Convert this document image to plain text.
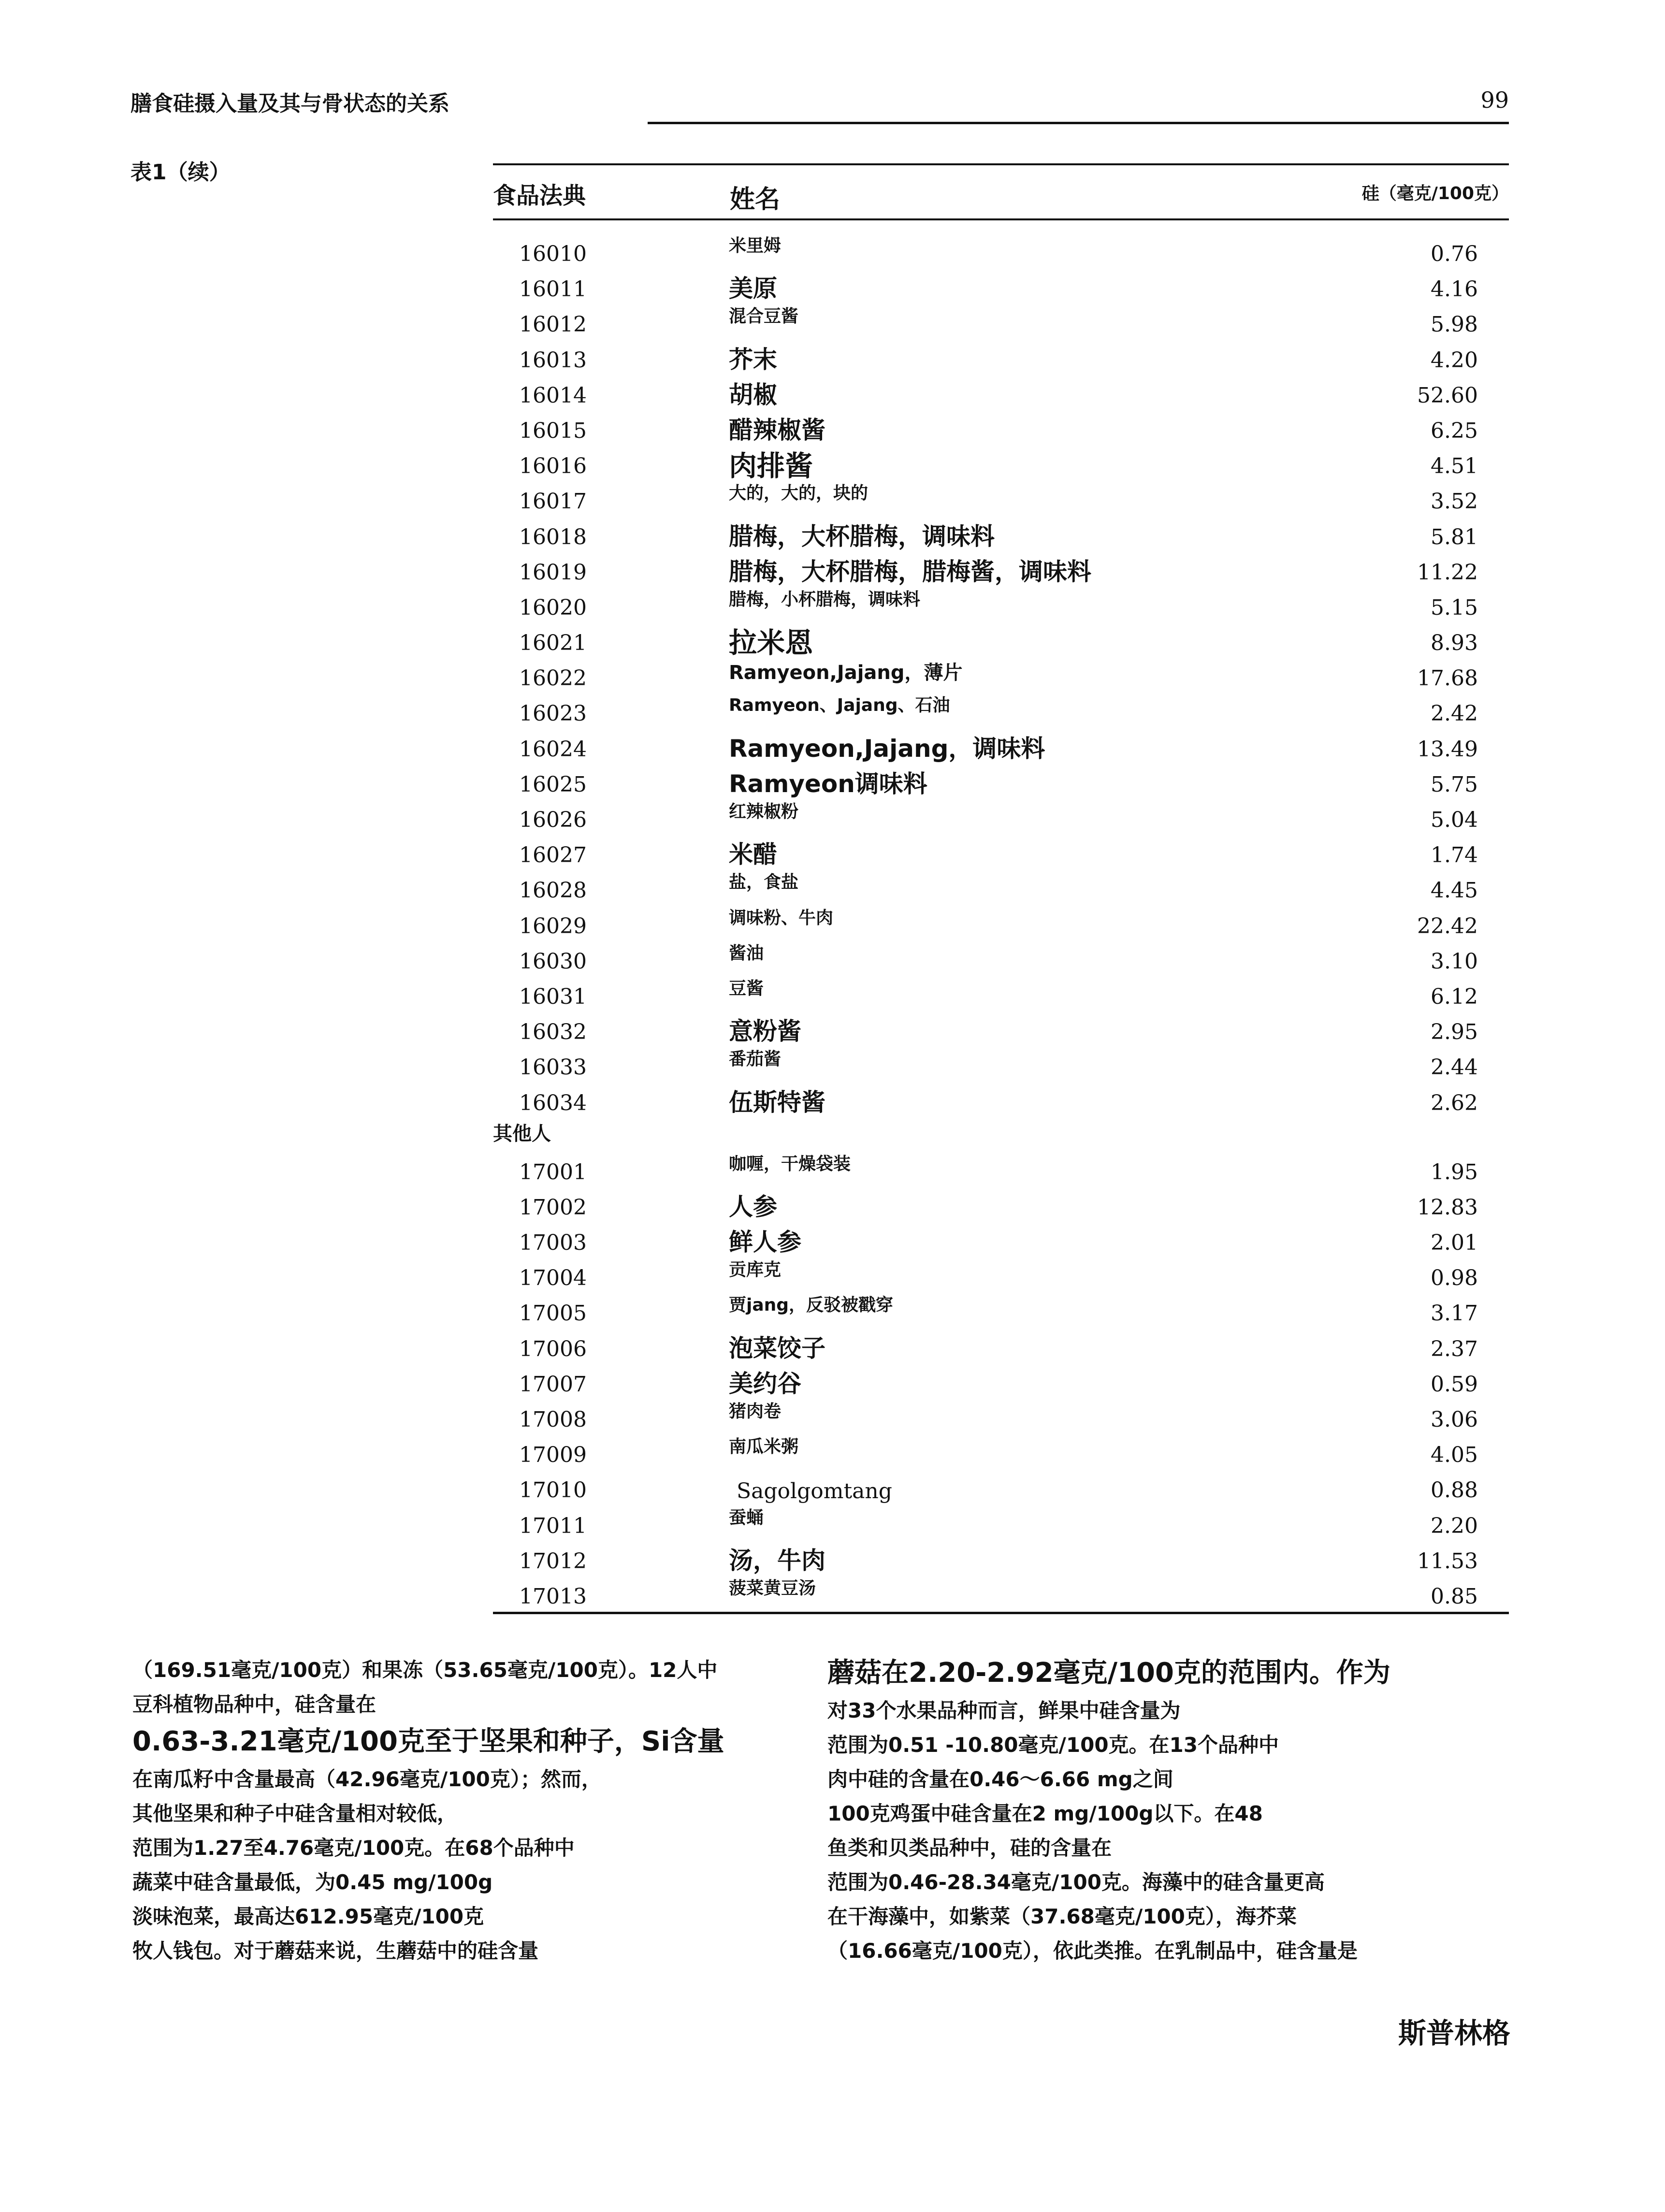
膳食硅摄入量及其与骨状态的关系	99
表1（续）
食品法典	姓名	硅（毫克/100克）
16010	米里姆	0.76
16011	美原	4.16
16012	混合豆酱	5.98
16013	芥末	4.20
16014	胡椒	52.60
16015	醋辣椒酱	6.25
16016	肉排酱	4.51
16017	大的，大的，块的	3.52
16018	腊梅，大杯腊梅，调味料	5.81
16019	腊梅，大杯腊梅，腊梅酱，调味料	11.22
16020	腊梅，小杯腊梅，调味料	5.15
16021	拉米恩	8.93
16022	Ramyeon,Jajang，薄片	17.68
16023	Ramyeon、Jajang、石油	2.42
16024	Ramyeon,Jajang，调味料	13.49
16025	Ramyeon调味料	5.75
16026	红辣椒粉	5.04
16027	米醋	1.74
16028	盐，食盐	4.45
16029	调味粉、牛肉	22.42
16030	酱油	3.10
16031	豆酱	6.12
16032	意粉酱	2.95
16033	番茄酱	2.44
16034	伍斯特酱	2.62
其他人
17001	咖喱，干燥袋装	1.95
17002	人参	12.83
17003	鲜人参	2.01
17004	贡库克	0.98
17005	贾jang，反驳被戳穿	3.17
17006	泡菜饺子	2.37
17007	美约谷	0.59
17008	猪肉卷	3.06
17009	南瓜米粥	4.05
17010	Sagolgomtang	0.88
17011	蚕蛹	2.20
17012	汤，牛肉	11.53
17013	菠菜黄豆汤	0.85
（169.51毫克/100克）和果冻（53.65毫克/100克）。12人中
豆科植物品种中，硅含量在
0.63-3.21毫克/100克至于坚果和种子，Si含量
在南瓜籽中含量最高（42.96毫克/100克）；然而，
其他坚果和种子中硅含量相对较低，
范围为1.27至4.76毫克/100克。在68个品种中
蔬菜中硅含量最低，为0.45 mg/100g
淡味泡菜，最高达612.95毫克/100克
牧人钱包。对于蘑菇来说，生蘑菇中的硅含量
蘑菇在2.20-2.92毫克/100克的范围内。作为
对33个水果品种而言，鲜果中硅含量为
范围为0.51 -10.80毫克/100克。在13个品种中
肉中硅的含量在0.46～6.66 mg之间
100克鸡蛋中硅含量在2 mg/100g以下。在48
鱼类和贝类品种中，硅的含量在
范围为0.46-28.34毫克/100克。海藻中的硅含量更高
在干海藻中，如紫菜（37.68毫克/100克），海芥菜
（16.66毫克/100克），依此类推。在乳制品中，硅含量是
斯普林格
